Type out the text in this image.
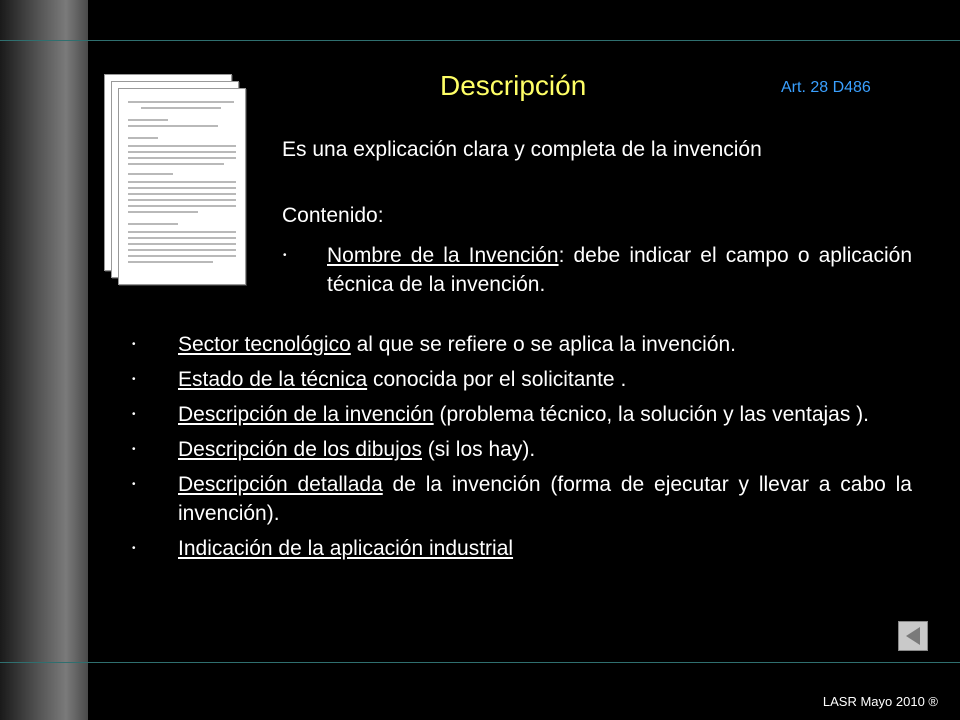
Descripción	Art. 28 D486

Es una explicación clara y completa de la invención

Contenido:

• Nombre de la Invención: debe indicar el campo o aplicación técnica de la invención.
• Sector tecnológico al que se refiere o se aplica la invención.
• Estado de la técnica conocida por el solicitante .
• Descripción de la invención (problema técnico, la solución y las ventajas ).
• Descripción de los dibujos (si los hay).
• Descripción detallada de la invención (forma de ejecutar y llevar a cabo la invención).
• Indicación de la aplicación industrial
LASR Mayo 2010 ®
